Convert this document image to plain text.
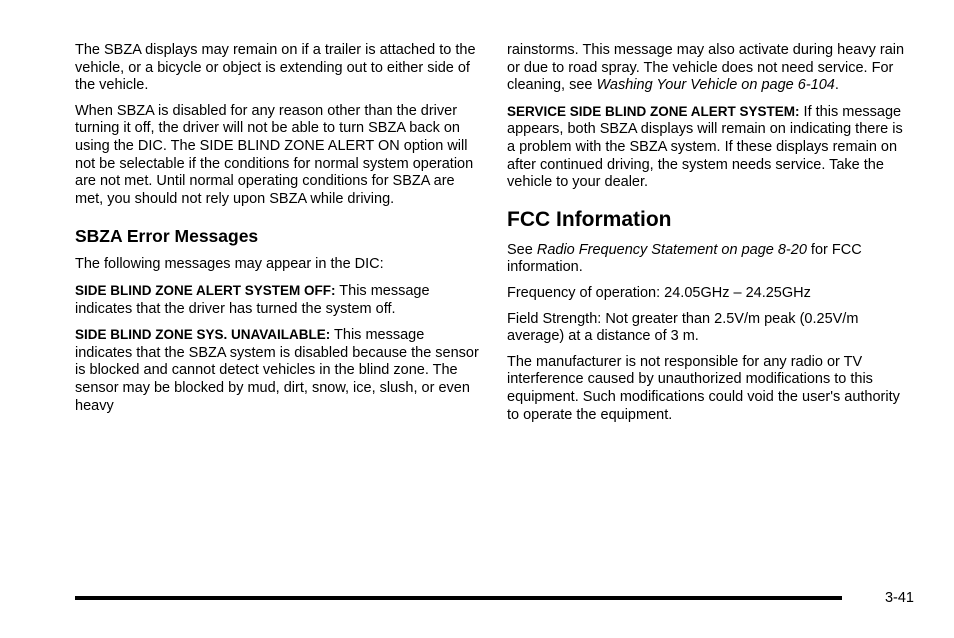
The SBZA displays may remain on if a trailer is attached to the vehicle, or a bicycle or object is extending out to either side of the vehicle.

When SBZA is disabled for any reason other than the driver turning it off, the driver will not be able to turn SBZA back on using the DIC. The SIDE BLIND ZONE ALERT ON option will not be selectable if the conditions for normal system operation are not met. Until normal operating conditions for SBZA are met, you should not rely upon SBZA while driving.

SBZA Error Messages

The following messages may appear in the DIC:

SIDE BLIND ZONE ALERT SYSTEM OFF: This message indicates that the driver has turned the system off.

SIDE BLIND ZONE SYS. UNAVAILABLE: This message indicates that the SBZA system is disabled because the sensor is blocked and cannot detect vehicles in the blind zone. The sensor may be blocked by mud, dirt, snow, ice, slush, or even heavy

rainstorms. This message may also activate during heavy rain or due to road spray. The vehicle does not need service. For cleaning, see Washing Your Vehicle on page 6-104.

SERVICE SIDE BLIND ZONE ALERT SYSTEM: If this message appears, both SBZA displays will remain on indicating there is a problem with the SBZA system. If these displays remain on after continued driving, the system needs service. Take the vehicle to your dealer.

FCC Information

See Radio Frequency Statement on page 8-20 for FCC information.

Frequency of operation: 24.05GHz – 24.25GHz

Field Strength: Not greater than 2.5V/m peak (0.25V/m average) at a distance of 3 m.

The manufacturer is not responsible for any radio or TV interference caused by unauthorized modifications to this equipment. Such modifications could void the user's authority to operate the equipment.

3-41
